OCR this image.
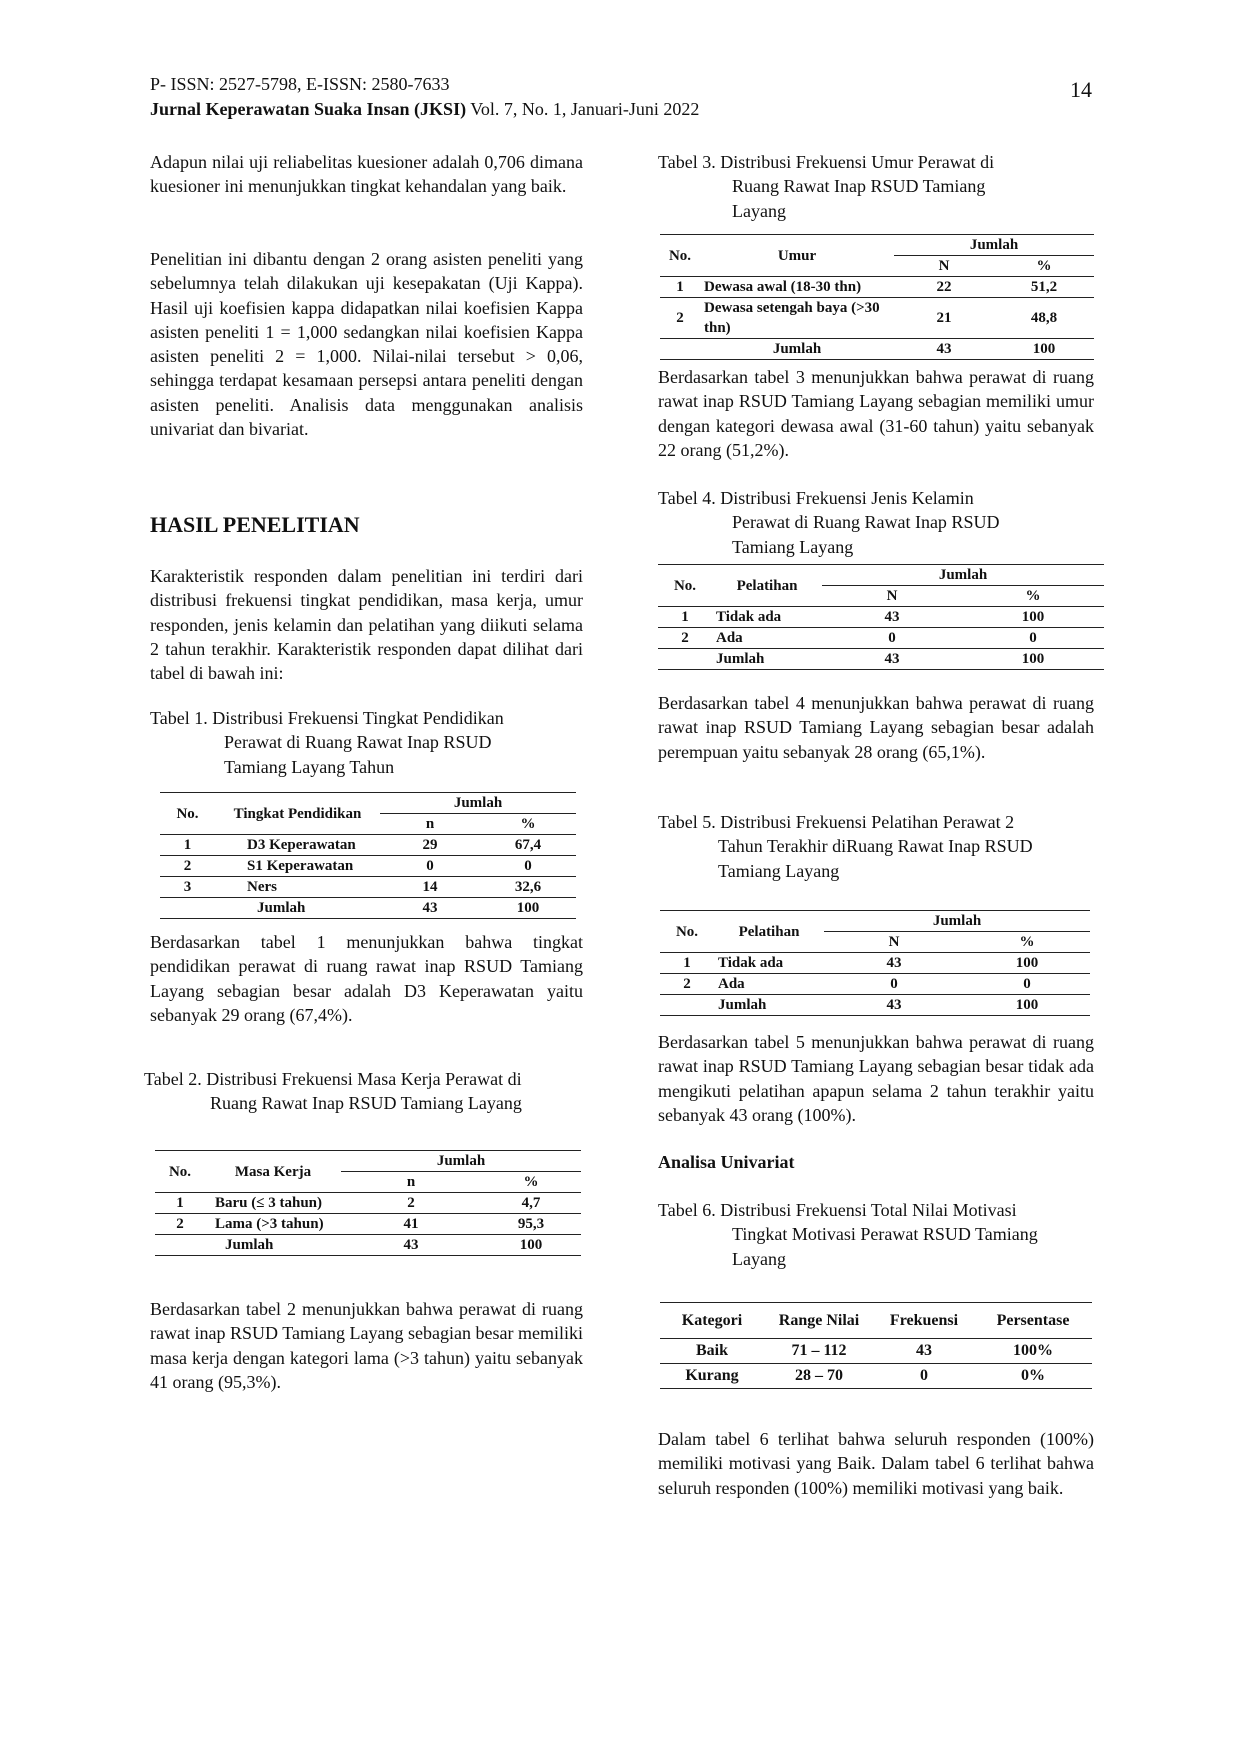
P- ISSN: 2527-5798, E-ISSN: 2580-7633
Jurnal Keperawatan Suaka Insan (JKSI) Vol. 7, No. 1, Januari-Juni 2022
14

Adapun nilai uji reliabelitas kuesioner adalah 0,706 dimana kuesioner ini menunjukkan tingkat kehandalan yang baik.

Penelitian ini dibantu dengan 2 orang asisten peneliti yang sebelumnya telah dilakukan uji kesepakatan (Uji Kappa). Hasil uji koefisien kappa didapatkan nilai koefisien Kappa asisten peneliti 1 = 1,000 sedangkan nilai koefisien Kappa asisten peneliti 2 = 1,000. Nilai-nilai tersebut > 0,06, sehingga terdapat kesamaan persepsi antara peneliti dengan asisten peneliti. Analisis data menggunakan analisis univariat dan bivariat.

HASIL PENELITIAN

Karakteristik responden dalam penelitian ini terdiri dari distribusi frekuensi tingkat pendidikan, masa kerja, umur responden, jenis kelamin dan pelatihan yang diikuti selama 2 tahun terakhir. Karakteristik responden dapat dilihat dari tabel di bawah ini:

Tabel 1. Distribusi Frekuensi Tingkat Pendidikan
Perawat di Ruang Rawat Inap RSUD
Tamiang Layang Tahun
No.	Tingkat Pendidikan	Jumlah	
		n	%
1	D3 Keperawatan	29	67,4
2	S1 Keperawatan	0	0
3	Ners	14	32,6
	Jumlah	43	100

Berdasarkan tabel 1 menunjukkan bahwa tingkat pendidikan perawat di ruang rawat inap RSUD Tamiang Layang sebagian besar adalah D3 Keperawatan yaitu sebanyak 29 orang (67,4%).

Tabel 2. Distribusi Frekuensi Masa Kerja Perawat di
Ruang Rawat Inap RSUD Tamiang Layang
No.	Masa Kerja	Jumlah	
		n	%
1	Baru (≤ 3 tahun)	2	4,7
2	Lama (>3 tahun)	41	95,3
	Jumlah	43	100

Berdasarkan tabel 2 menunjukkan bahwa perawat di ruang rawat inap RSUD Tamiang Layang sebagian besar memiliki masa kerja dengan kategori lama (>3 tahun) yaitu sebanyak 41 orang (95,3%).

Tabel 3. Distribusi Frekuensi Umur Perawat di
Ruang Rawat Inap RSUD Tamiang
Layang
No.	Umur	Jumlah	
		N	%
1	Dewasa awal (18-30 thn)	22	51,2
2	Dewasa setengah baya (>30 thn)	21	48,8
	Jumlah	43	100

Berdasarkan tabel 3 menunjukkan bahwa perawat di ruang rawat inap RSUD Tamiang Layang sebagian memiliki umur dengan kategori dewasa awal (31-60 tahun) yaitu sebanyak 22 orang (51,2%).

Tabel 4. Distribusi Frekuensi Jenis Kelamin
Perawat di Ruang Rawat Inap RSUD
Tamiang Layang
No.	Pelatihan	Jumlah	
		N	%
1	Tidak ada	43	100
2	Ada	0	0
	Jumlah	43	100

Berdasarkan tabel 4 menunjukkan bahwa perawat di ruang rawat inap RSUD Tamiang Layang sebagian besar adalah perempuan yaitu sebanyak 28 orang (65,1%).

Tabel 5. Distribusi Frekuensi Pelatihan Perawat 2
Tahun Terakhir diRuang Rawat Inap RSUD
Tamiang Layang
No.	Pelatihan	Jumlah	
		N	%
1	Tidak ada	43	100
2	Ada	0	0
	Jumlah	43	100

Berdasarkan tabel 5 menunjukkan bahwa perawat di ruang rawat inap RSUD Tamiang Layang sebagian besar tidak ada mengikuti pelatihan apapun selama 2 tahun terakhir yaitu sebanyak 43 orang (100%).

Analisa Univariat
Tabel 6. Distribusi Frekuensi Total Nilai Motivasi
Tingkat Motivasi Perawat RSUD Tamiang
Layang
Kategori	Range Nilai	Frekuensi	Persentase
Baik	71 – 112	43	100%
Kurang	28 – 70	0	0%

Dalam tabel 6 terlihat bahwa seluruh responden (100%) memiliki motivasi yang Baik. Dalam tabel 6 terlihat bahwa seluruh responden (100%) memiliki motivasi yang baik.
